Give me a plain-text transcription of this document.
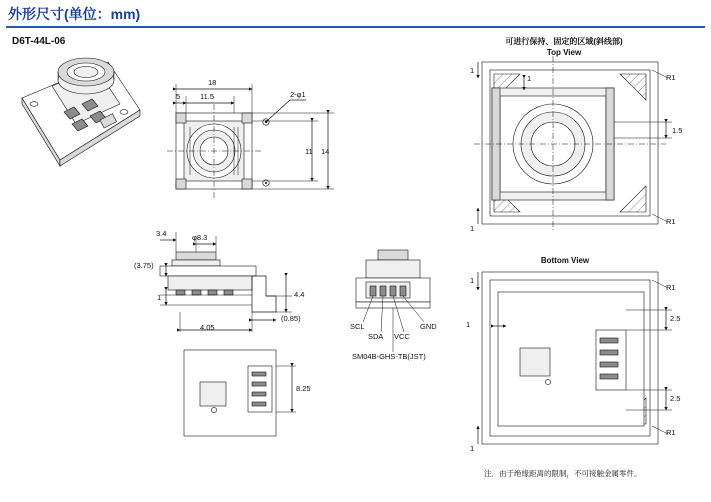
外形尺寸(单位：mm)
D6T-44L-06	可进行保持、固定的区域(斜线部)
Top View
Bottom View
注．由于绝缘距离的限制，不可接触金属零件。
18
5	11.5	2-φ1
11 14
3.4	φ8.3
(3.75)
1	4.4
(0.85)
4.05
8.25
SCL
SDA VCC
GND
SM04B-GHS-TB(JST)
R1
1.5
R1
1
1
1
R1
2.5
2.5
R1
1
1
1
